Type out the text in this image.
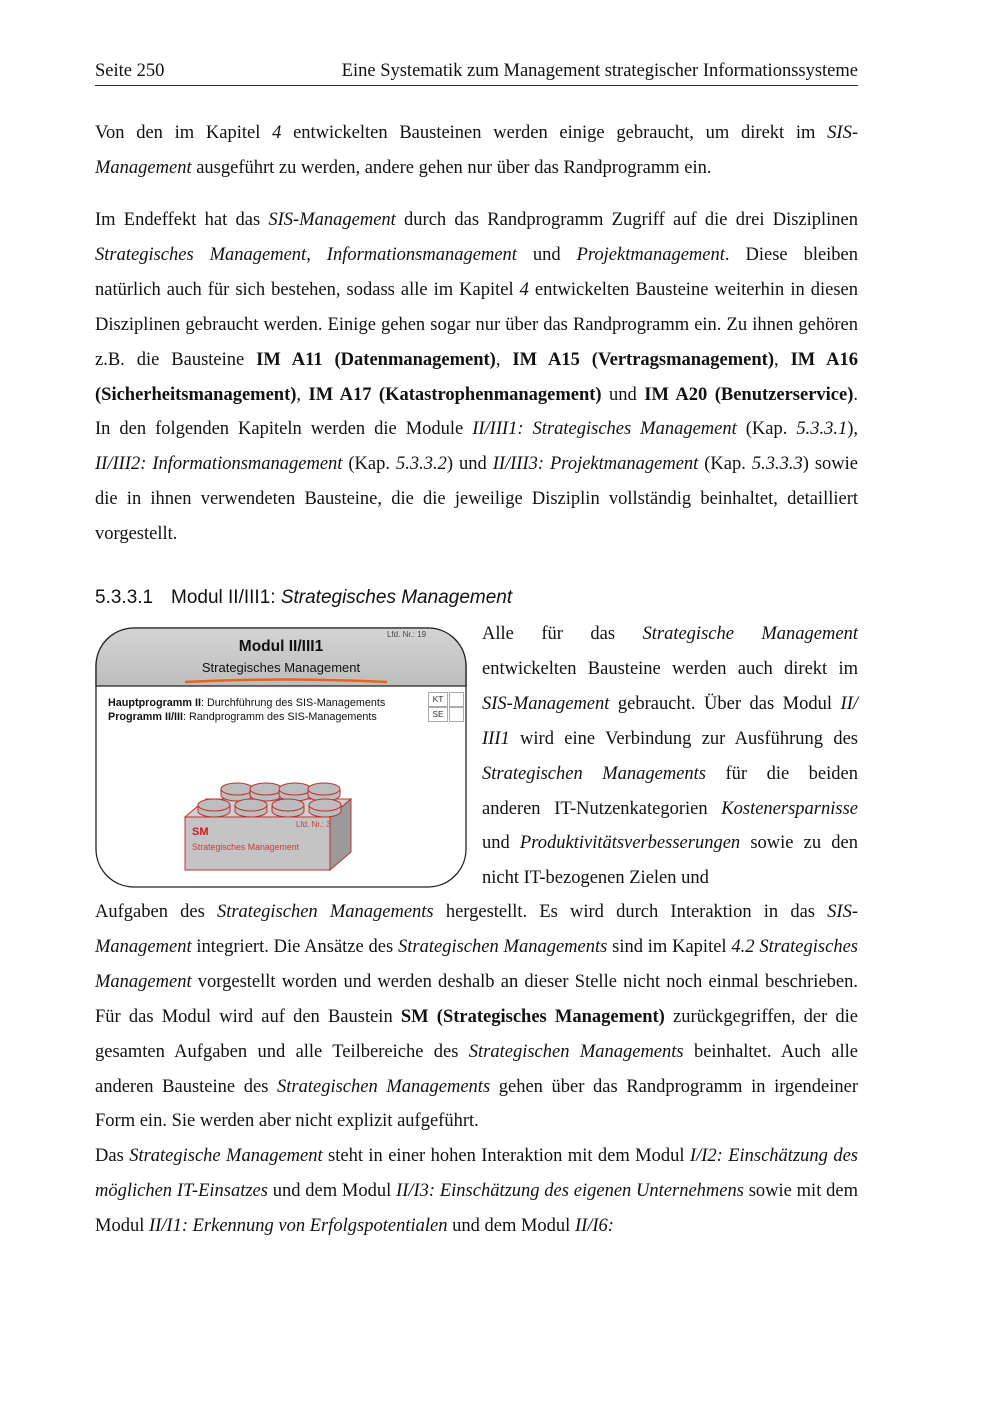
Seite 250	Eine Systematik zum Management strategischer Informationssysteme

Von den im Kapitel 4 entwickelten Bausteinen werden einige gebraucht, um direkt im SIS-Management ausgeführt zu werden, andere gehen nur über das Randprogramm ein.

Im Endeffekt hat das SIS-Management durch das Randprogramm Zugriff auf die drei Disziplinen Strategisches Management, Informationsmanagement und Projektmanagement. Diese bleiben natürlich auch für sich bestehen, sodass alle im Kapitel 4 entwickelten Bausteine weiterhin in diesen Disziplinen gebraucht werden. Einige gehen sogar nur über das Randprogramm ein. Zu ihnen gehören z.B. die Bausteine IM A11 (Datenmanagement), IM A15 (Vertragsmanagement), IM A16 (Sicherheitsmanagement), IM A17 (Katastrophenmanagement) und IM A20 (Benutzerservice). In den folgenden Kapiteln werden die Module II/III1: Strategisches Management (Kap. 5.3.3.1), II/III2: Informationsmanagement (Kap. 5.3.3.2) und II/III3: Projektmanagement (Kap. 5.3.3.3) sowie die in ihnen verwendeten Bausteine, die die jeweilige Disziplin vollständig beinhaltet, detailliert vorgestellt.

5.3.3.1 Modul II/III1: Strategisches Management
Lfd. Nr.: 19
Modul II/III1
Strategisches Management
Hauptprogramm II: Durchführung des SIS-Managements
Programm II/III: Randprogramm des SIS-Managements
KT
SE
Lfd. Nr.: 3
SM
Strategisches Management

Alle für das Strategische Management entwickelten Bausteine werden auch direkt im SIS-Management gebraucht. Über das Modul II/ III1 wird eine Verbindung zur Ausführung des Strategischen Managements für die beiden anderen IT-Nutzenkategorien Kostenersparnisse und Produktivitätsverbesserungen sowie zu den nicht IT-bezogenen Zielen und

Aufgaben des Strategischen Managements hergestellt. Es wird durch Interaktion in das SIS-Management integriert. Die Ansätze des Strategischen Managements sind im Kapitel 4.2 Strategisches Management vorgestellt worden und werden deshalb an dieser Stelle nicht noch einmal beschrieben. Für das Modul wird auf den Baustein SM (Strategisches Management) zurückgegriffen, der die gesamten Aufgaben und alle Teilbereiche des Strategischen Managements beinhaltet. Auch alle anderen Bausteine des Strategischen Managements gehen über das Randprogramm in irgendeiner Form ein. Sie werden aber nicht explizit aufgeführt.
Das Strategische Management steht in einer hohen Interaktion mit dem Modul I/I2: Einschätzung des möglichen IT-Einsatzes und dem Modul II/I3: Einschätzung des eigenen Unternehmens sowie mit dem Modul II/I1: Erkennung von Erfolgspotentialen und dem Modul II/I6:
